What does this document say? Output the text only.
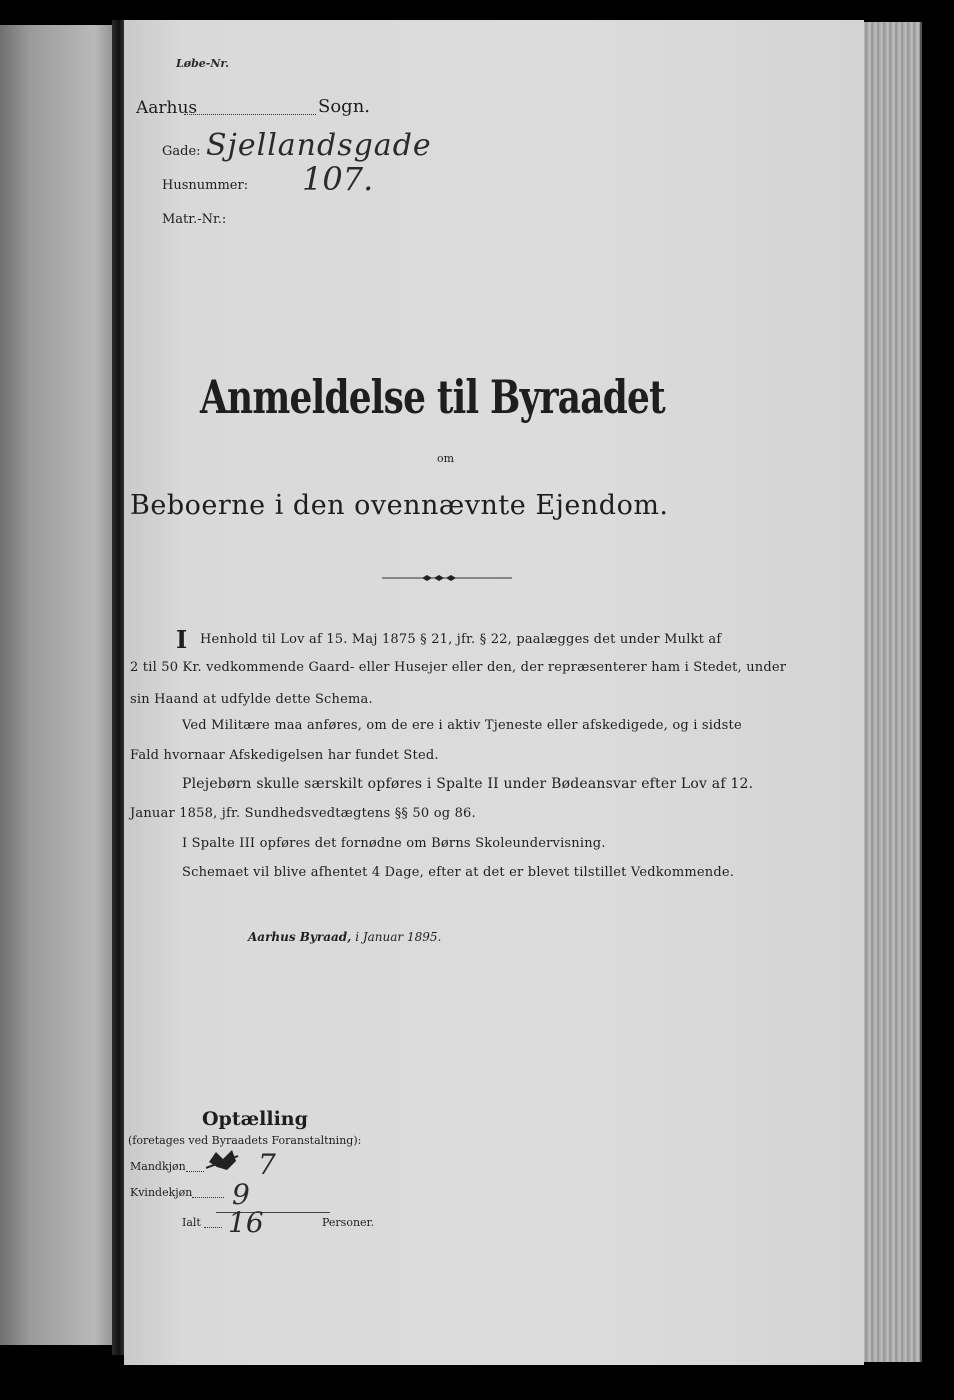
Løbe-Nr.
Aarhus	Sogn.
Gade: Sjellandsgade
Husnummer: 107.
Matr.-Nr.:
Anmeldelse til Byraadet
om
Beboerne i den ovennævnte Ejendom.
I Henhold til Lov af 15. Maj 1875 § 21, jfr. § 22, paalægges det under Mulkt af
2 til 50 Kr. vedkommende Gaard- eller Husejer eller den, der repræsenterer ham i Stedet, under
sin Haand at udfylde dette Schema.
Ved Militære maa anføres, om de ere i aktiv Tjeneste eller afskedigede, og i sidste
Fald hvornaar Afskedigelsen har fundet Sted.
Plejebørn skulle særskilt opføres i Spalte II under Bødeansvar efter Lov af 12.
Januar 1858, jfr. Sundhedsvedtægtens §§ 50 og 86.
I Spalte III opføres det fornødne om Børns Skoleundervisning.
Schemaet vil blive afhentet 4 Dage, efter at det er blevet tilstillet Vedkommende.
Aarhus Byraad, i Januar 1895.
Optælling
(foretages ved Byraadets Foranstaltning):
Mandkjøn	7
Kvindekjøn 9
Ialt 16	Personer.
